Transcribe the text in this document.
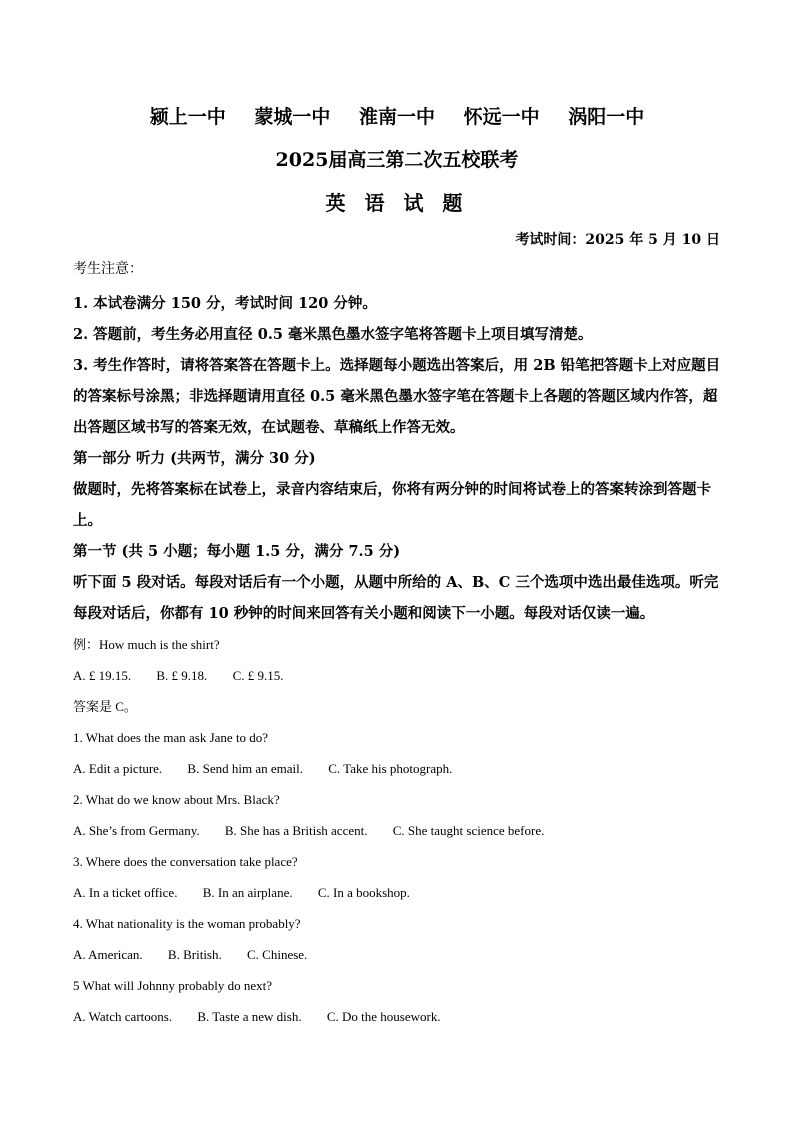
颍上一中 蒙城一中 淮南一中 怀远一中 涡阳一中
2025届高三第二次五校联考
英 语 试 题
考试时间：2025 年 5 月 10 日

考生注意：

1. 本试卷满分 150 分，考试时间 120 分钟。

2. 答题前，考生务必用直径 0.5 毫米黑色墨水签字笔将答题卡上项目填写清楚。

3. 考生作答时，请将答案答在答题卡上。选择题每小题选出答案后，用 2B 铅笔把答题卡上对应题目的答案标号涂黑；非选择题请用直径 0.5 毫米黑色墨水签字笔在答题卡上各题的答题区域内作答，超出答题区域书写的答案无效，在试题卷、草稿纸上作答无效。

第一部分 听力 (共两节，满分 30 分)

做题时，先将答案标在试卷上，录音内容结束后，你将有两分钟的时间将试卷上的答案转涂到答题卡上。

第一节 (共 5 小题；每小题 1.5 分，满分 7.5 分)

听下面 5 段对话。每段对话后有一个小题，从题中所给的 A、B、C 三个选项中选出最佳选项。听完每段对话后，你都有 10 秒钟的时间来回答有关小题和阅读下一小题。每段对话仅读一遍。

例：How much is the shirt?

A. £ 19.15. B. £ 9.18. C. £ 9.15.

答案是 C。

1. What does the man ask Jane to do?

A. Edit a picture. B. Send him an email. C. Take his photograph.

2. What do we know about Mrs. Black?

A. She’s from Germany. B. She has a British accent. C. She taught science before.

3. Where does the conversation take place?

A. In a ticket office. B. In an airplane. C. In a bookshop.

4. What nationality is the woman probably?

A. American. B. British. C. Chinese.

5 What will Johnny probably do next?

A. Watch cartoons. B. Taste a new dish. C. Do the housework.
